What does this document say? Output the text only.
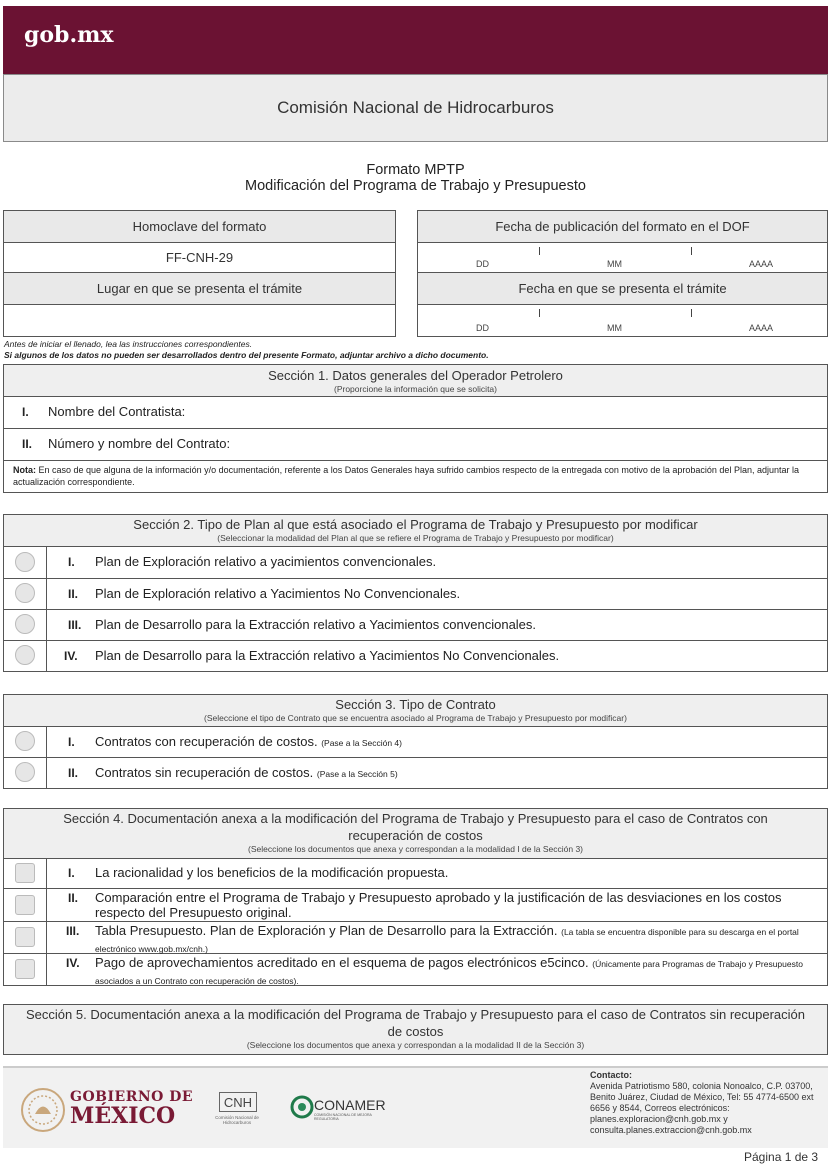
gob.mx
Comisión Nacional de Hidrocarburos
Formato MPTP
Modificación del Programa de Trabajo y Presupuesto
Homoclave del formato
FF-CNH-29
Lugar en que se presenta el trámite
Fecha de publicación del formato en el DOF
DD	MM	AAAA
Fecha en que se presenta el trámite
DD	MM	AAAA
Antes de iniciar el llenado, lea las instrucciones correspondientes.
Si algunos de los datos no pueden ser desarrollados dentro del presente Formato, adjuntar archivo a dicho documento.
Sección 1. Datos generales del Operador Petrolero
(Proporcione la información que se solicita)
I. Nombre del Contratista:
II. Número y nombre del Contrato:
Nota: En caso de que alguna de la información y/o documentación, referente a los Datos Generales haya sufrido cambios respecto de la entregada con motivo de la aprobación del Plan, adjuntar la actualización correspondiente.
Sección 2. Tipo de Plan al que está asociado el Programa de Trabajo y Presupuesto por modificar
(Seleccionar la modalidad del Plan al que se refiere el Programa de Trabajo y Presupuesto por modificar)
I. Plan de Exploración relativo a yacimientos convencionales.
II. Plan de Exploración relativo a Yacimientos No Convencionales.
III. Plan de Desarrollo para la Extracción relativo a Yacimientos convencionales.
IV. Plan de Desarrollo para la Extracción relativo a Yacimientos No Convencionales.
Sección 3. Tipo de Contrato
(Seleccione el tipo de Contrato que se encuentra asociado al Programa de Trabajo y Presupuesto por modificar)
I. Contratos con recuperación de costos. (Pase a la Sección 4)
II. Contratos sin recuperación de costos. (Pase a la Sección 5)
Sección 4. Documentación anexa a la modificación del Programa de Trabajo y Presupuesto para el caso de Contratos con recuperación de costos
(Seleccione los documentos que anexa y correspondan a la modalidad I de la Sección 3)
I. La racionalidad y los beneficios de la modificación propuesta.
II. Comparación entre el Programa de Trabajo y Presupuesto aprobado y la justificación de las desviaciones en los costos respecto del Presupuesto original.
III. Tabla Presupuesto. Plan de Exploración y Plan de Desarrollo para la Extracción. (La tabla se encuentra disponible para su descarga en el portal electrónico www.gob.mx/cnh.)
IV. Pago de aprovechamientos acreditado en el esquema de pagos electrónicos e5cinco. (Únicamente para Programas de Trabajo y Presupuesto asociados a un Contrato con recuperación de costos).
Sección 5. Documentación anexa a la modificación del Programa de Trabajo y Presupuesto para el caso de Contratos sin recuperación de costos
(Seleccione los documentos que anexa y correspondan a la modalidad II de la Sección 3)
GOBIERNO DE
MÉXICO
CNH
Comisión Nacional de Hidrocarburos
CONAMER
COMISIÓN NACIONAL DE MEJORA REGULATORIA
Contacto:
Avenida Patriotismo 580, colonia Nonoalco, C.P. 03700, Benito Juárez, Ciudad de México, Tel: 55 4774-6500 ext 6656 y 8544, Correos electrónicos: planes.exploracion@cnh.gob.mx y consulta.planes.extraccion@cnh.gob.mx
Página 1 de 3
